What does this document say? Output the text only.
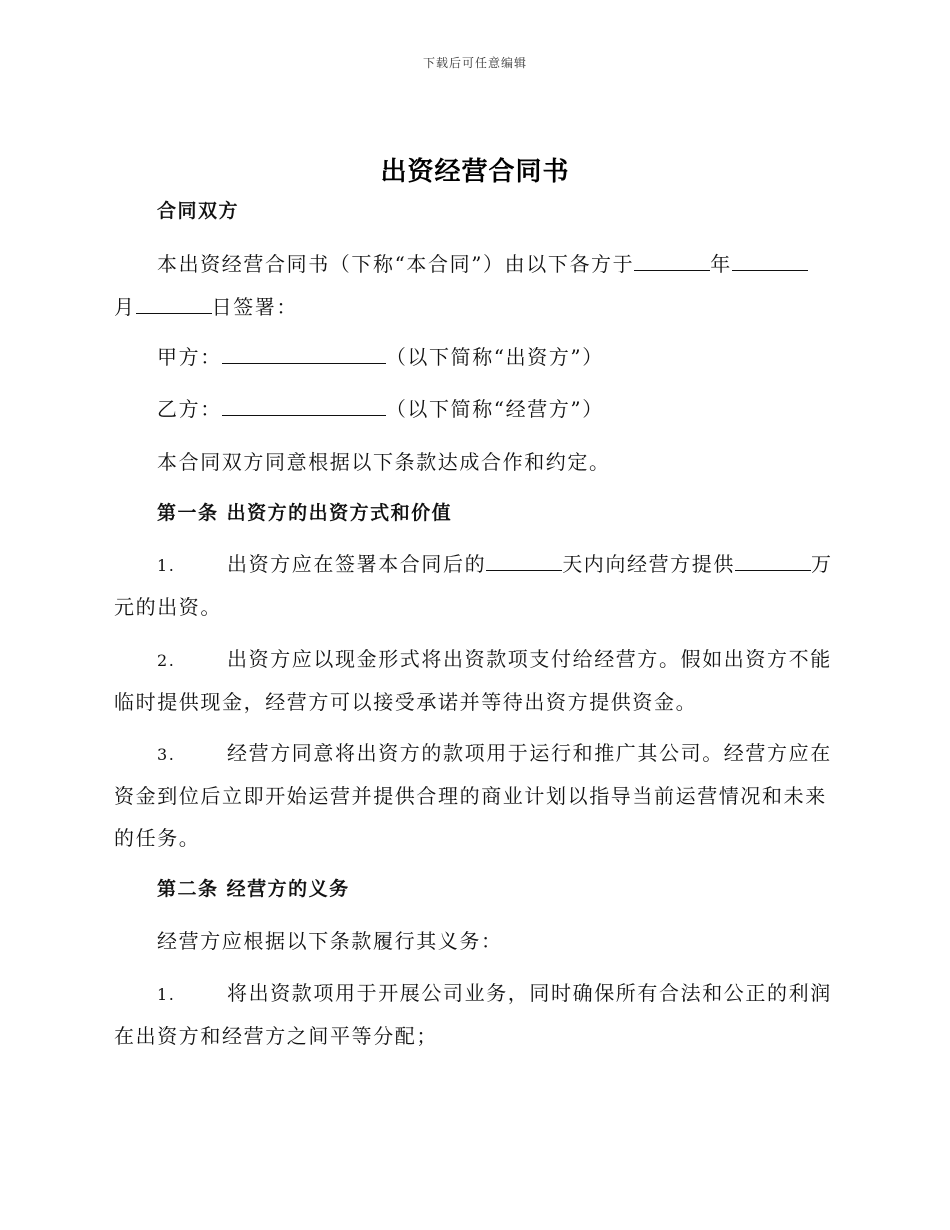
下载后可任意编辑
出资经营合同书
合同双方
本出资经营合同书（下称“本合同”）由以下各方于	年
月	日签署：
甲方：	（以下简称“出资方”）
乙方：	（以下简称“经营方”）
本合同双方同意根据以下条款达成合作和约定。
第一条 出资方的出资方式和价值
1.	出资方应在签署本合同后的	天内向经营方提供	万
元的出资。
2.	出资方应以现金形式将出资款项支付给经营方。假如出资方不能
临时提供现金，经营方可以接受承诺并等待出资方提供资金。
3.	经营方同意将出资方的款项用于运行和推广其公司。经营方应在
资金到位后立即开始运营并提供合理的商业计划以指导当前运营情况和未来
的任务。
第二条 经营方的义务
经营方应根据以下条款履行其义务：
1.	将出资款项用于开展公司业务，同时确保所有合法和公正的利润
在出资方和经营方之间平等分配；
